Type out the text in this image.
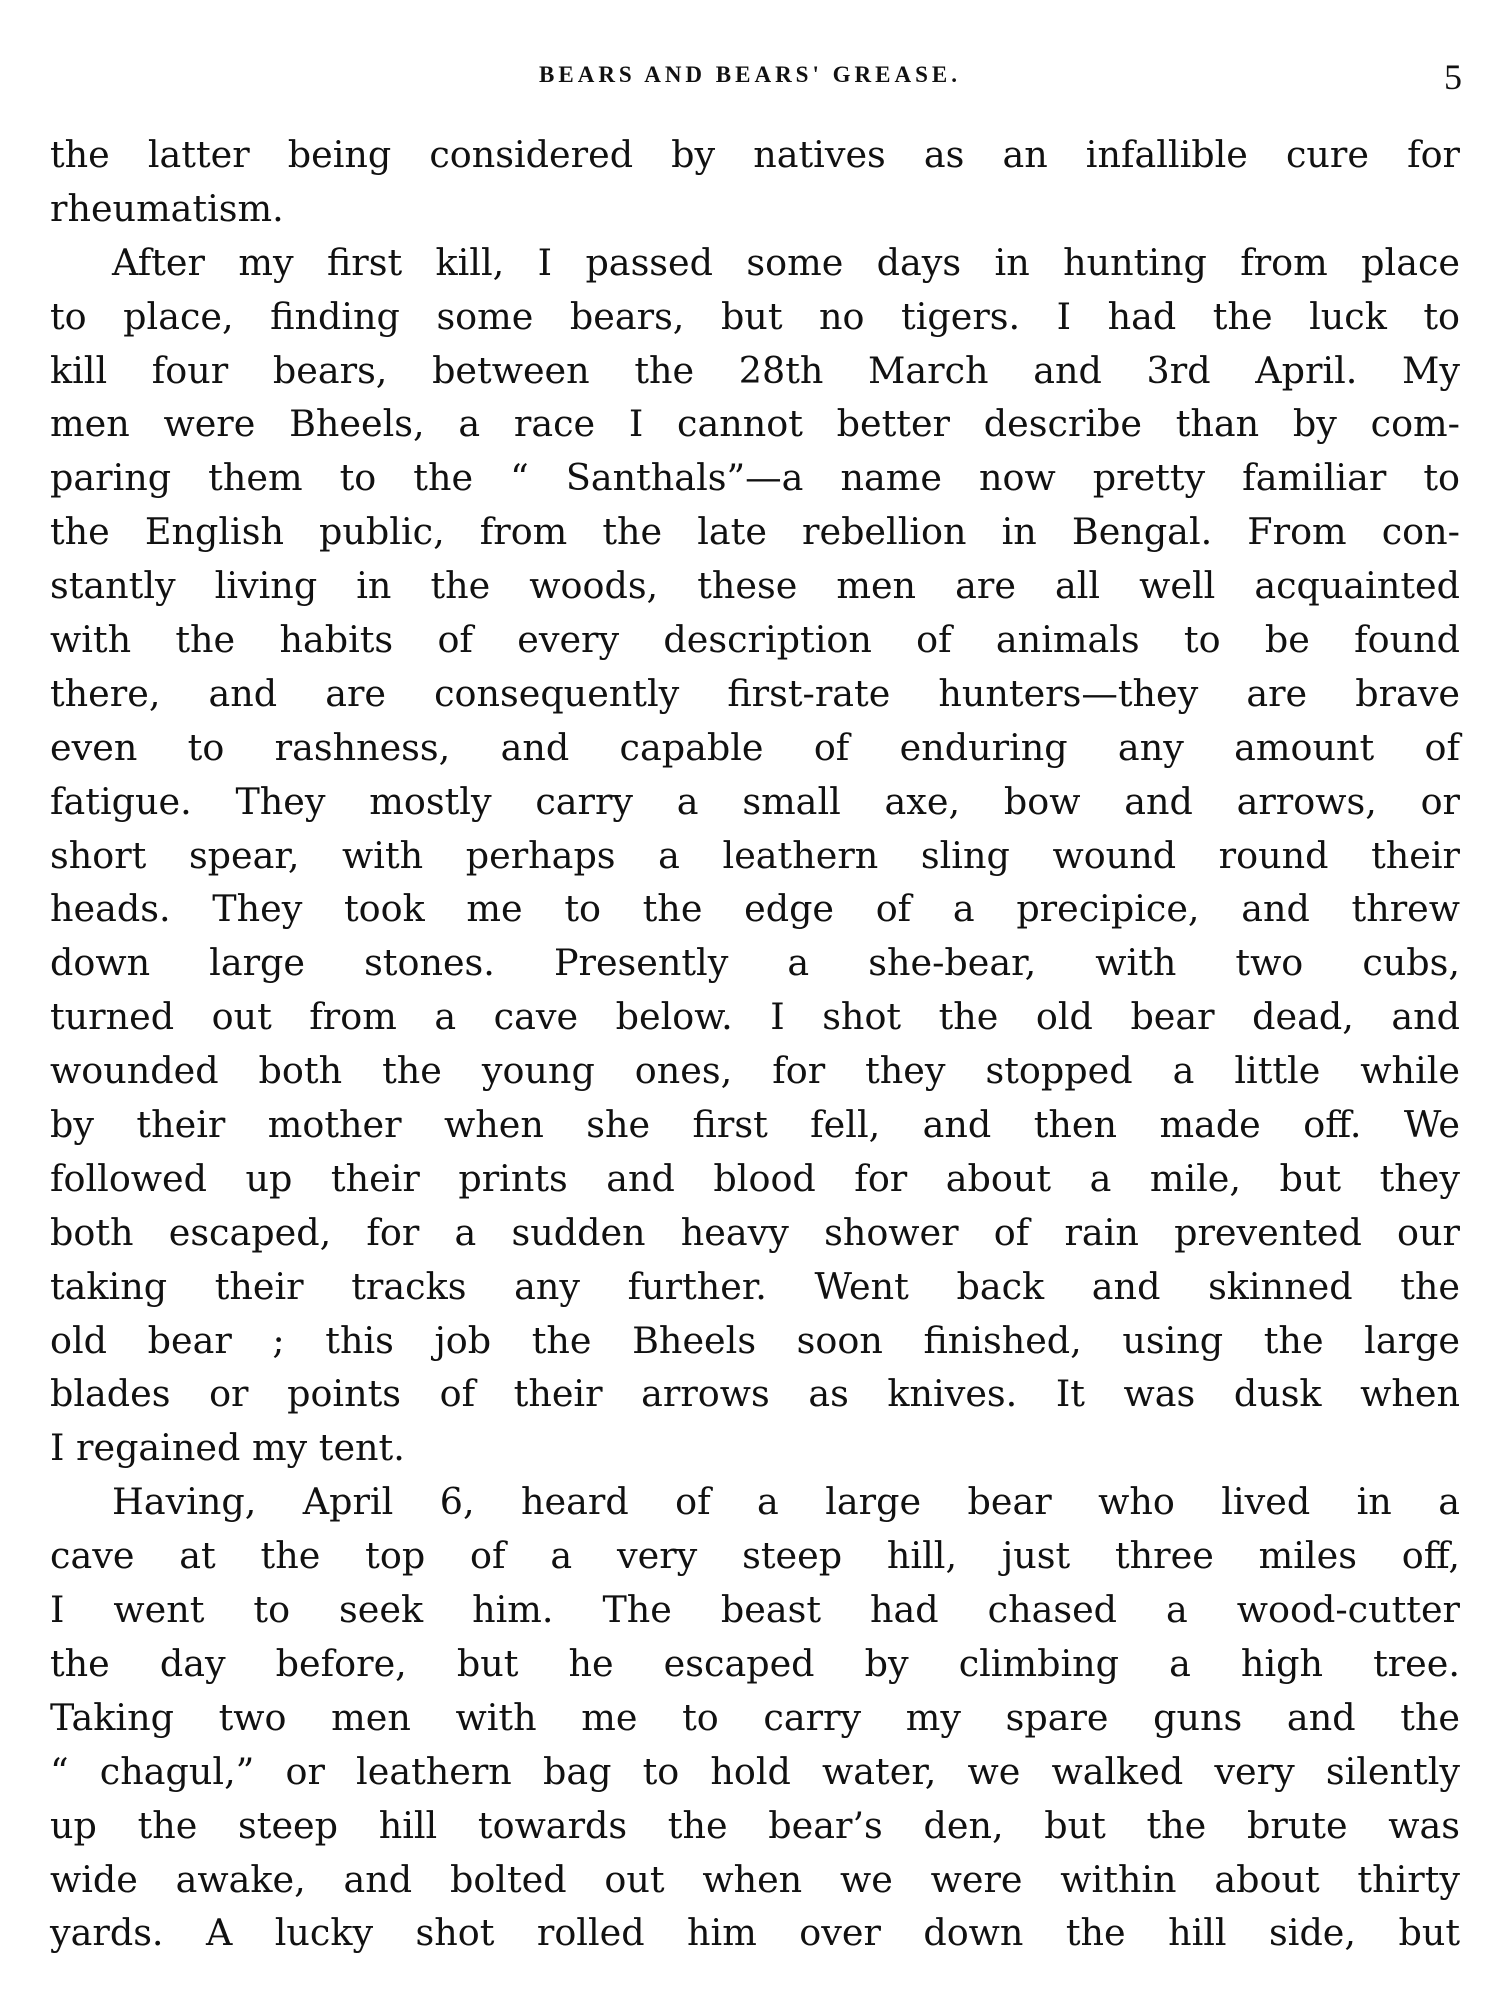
BEARS AND BEARS' GREASE.	5
the latter being considered by natives as an infallible cure for
rheumatism.
After my first kill, I passed some days in hunting from place
to place, finding some bears, but no tigers. I had the luck to
kill four bears, between the 28th March and 3rd April. My
men were Bheels, a race I cannot better describe than by com-
paring them to the “ Santhals”—a name now pretty familiar to
the English public, from the late rebellion in Bengal. From con-
stantly living in the woods, these men are all well acquainted
with the habits of every description of animals to be found
there, and are consequently first-rate hunters—they are brave
even to rashness, and capable of enduring any amount of
fatigue. They mostly carry a small axe, bow and arrows, or
short spear, with perhaps a leathern sling wound round their
heads. They took me to the edge of a precipice, and threw
down large stones. Presently a she-bear, with two cubs,
turned out from a cave below. I shot the old bear dead, and
wounded both the young ones, for they stopped a little while
by their mother when she first fell, and then made off. We
followed up their prints and blood for about a mile, but they
both escaped, for a sudden heavy shower of rain prevented our
taking their tracks any further. Went back and skinned the
old bear ; this job the Bheels soon finished, using the large
blades or points of their arrows as knives. It was dusk when
I regained my tent.
Having, April 6, heard of a large bear who lived in a
cave at the top of a very steep hill, just three miles off,
I went to seek him. The beast had chased a wood-cutter
the day before, but he escaped by climbing a high tree.
Taking two men with me to carry my spare guns and the
“ chagul,” or leathern bag to hold water, we walked very silently
up the steep hill towards the bear’s den, but the brute was
wide awake, and bolted out when we were within about thirty
yards. A lucky shot rolled him over down the hill side, but
